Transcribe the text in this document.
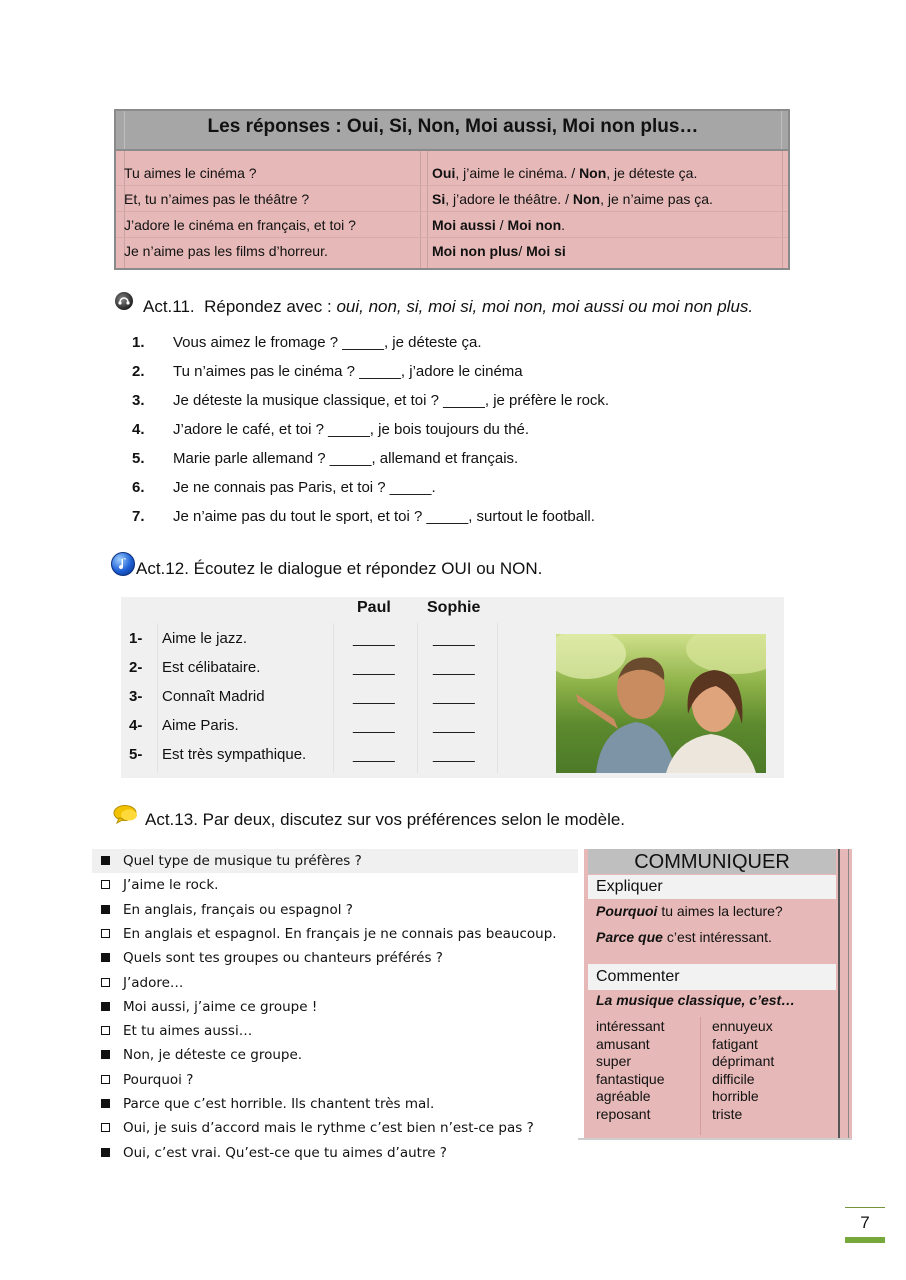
Les réponses : Oui, Si, Non, Moi aussi, Moi non plus…
Tu aimes le cinéma ?	Oui, j’aime le cinéma. / Non, je déteste ça.
Et, tu n’aimes pas le théâtre ?	Si, j’adore le théâtre. / Non, je n’aime pas ça.
J’adore le cinéma en français, et toi ?	Moi aussi / Moi non.
Je n’aime pas les films d’horreur.	Moi non plus/ Moi si
Act.11. Répondez avec : oui, non, si, moi si, moi non, moi aussi ou moi non plus.
1. Vous aimez le fromage ? _____, je déteste ça.
2. Tu n’aimes pas le cinéma ? _____, j’adore le cinéma
3. Je déteste la musique classique, et toi ? _____, je préfère le rock.
4. J’adore le café, et toi ? _____, je bois toujours du thé.
5. Marie parle allemand ? _____, allemand et français.
6. Je ne connais pas Paris, et toi ? _____.
7. Je n’aime pas du tout le sport, et toi ? _____, surtout le football.
Act.12. Écoutez le dialogue et répondez OUI ou NON.
Paul Sophie
1- Aime le jazz.	_____	_____
2- Est célibataire.	_____	_____
3- Connaît Madrid	_____	_____
4- Aime Paris.	_____	_____
5- Est très sympathique.	_____	_____
Act.13. Par deux, discutez sur vos préférences selon le modèle.
Quel type de musique tu préfères ?
J’aime le rock.
En anglais, français ou espagnol ?
En anglais et espagnol. En français je ne connais pas beaucoup.
Quels sont tes groupes ou chanteurs préférés ?
J’adore…
Moi aussi, j’aime ce groupe !
Et tu aimes aussi…
Non, je déteste ce groupe.
Pourquoi ?
Parce que c’est horrible. Ils chantent très mal.
Oui, je suis d’accord mais le rythme c’est bien n’est-ce pas ?
Oui, c’est vrai. Qu’est-ce que tu aimes d’autre ?
COMMUNIQUER
Expliquer
Pourquoi tu aimes la lecture?
Parce que c’est intéressant.
Commenter
La musique classique, c’est…
intéressant
amusant
super
fantastique
agréable
reposant
ennuyeux
fatigant
déprimant
difficile
horrible
triste
7
